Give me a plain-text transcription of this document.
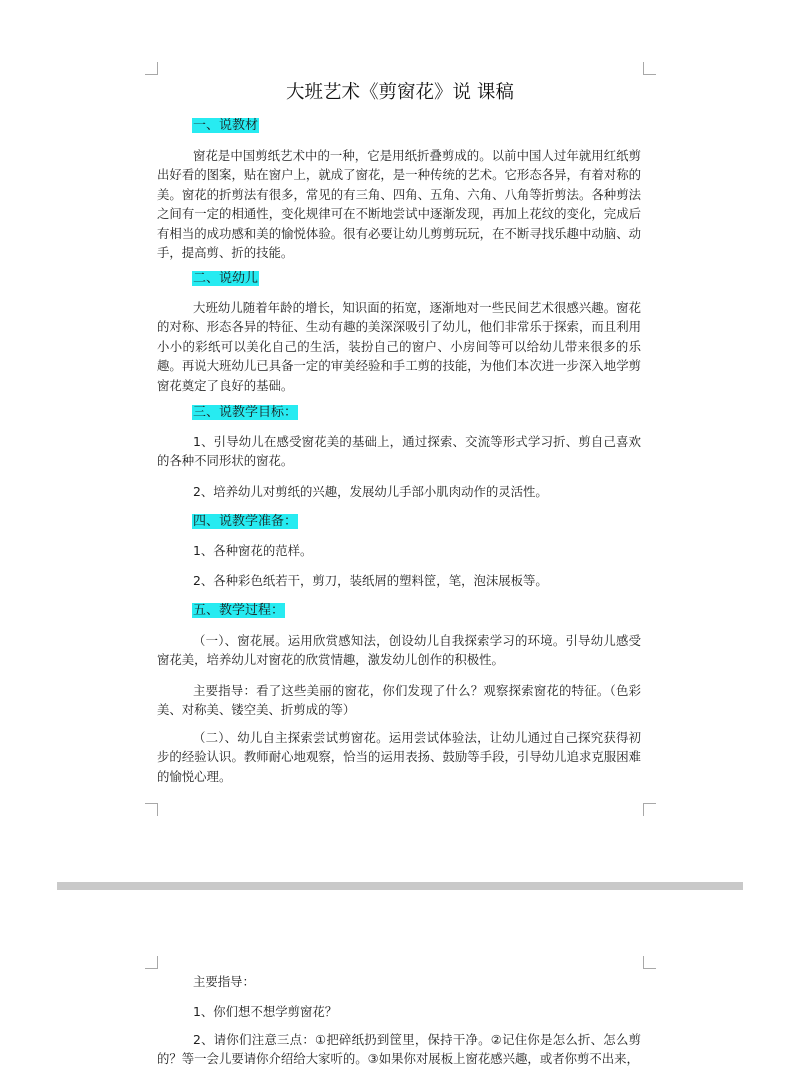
大班艺术《剪窗花》说 课稿
一、说教材

窗花是中国剪纸艺术中的一种，它是用纸折叠剪成的。以前中国人过年就用红纸剪出好看的图案，贴在窗户上，就成了窗花，是一种传统的艺术。它形态各异，有着对称的美。窗花的折剪法有很多，常见的有三角、四角、五角、六角、八角等折剪法。各种剪法之间有一定的相通性，变化规律可在不断地尝试中逐渐发现，再加上花纹的变化，完成后有相当的成功感和美的愉悦体验。很有必要让幼儿剪剪玩玩，在不断寻找乐趣中动脑、动手，提高剪、折的技能。

二、说幼儿

大班幼儿随着年龄的增长，知识面的拓宽，逐渐地对一些民间艺术很感兴趣。窗花的对称、形态各异的特征、生动有趣的美深深吸引了幼儿，他们非常乐于探索，而且利用小小的彩纸可以美化自己的生活，装扮自己的窗户、小房间等可以给幼儿带来很多的乐趣。再说大班幼儿已具备一定的审美经验和手工剪的技能，为他们本次进一步深入地学剪窗花奠定了良好的基础。

三、说教学目标：

1、引导幼儿在感受窗花美的基础上，通过探索、交流等形式学习折、剪自己喜欢的各种不同形状的窗花。

2、培养幼儿对剪纸的兴趣，发展幼儿手部小肌肉动作的灵活性。

四、说教学准备：

1、各种窗花的范样。

2、各种彩色纸若干，剪刀，装纸屑的塑料筐，笔，泡沫展板等。

五、教学过程：

（一）、窗花展。运用欣赏感知法，创设幼儿自我探索学习的环境。引导幼儿感受窗花美，培养幼儿对窗花的欣赏情趣，激发幼儿创作的积极性。

主要指导：看了这些美丽的窗花，你们发现了什么？观察探索窗花的特征。（色彩美、对称美、镂空美、折剪成的等）

（二）、幼儿自主探索尝试剪窗花。运用尝试体验法，让幼儿通过自己探究获得初步的经验认识。教师耐心地观察，恰当的运用表扬、鼓励等手段，引导幼儿追求克服困难的愉悦心理。

主要指导：

1、你们想不想学剪窗花？

2、请你们注意三点：①把碎纸扔到筐里，保持干净。②记住你是怎么折、怎么剪的？等一会儿要请你介绍给大家听的。③如果你对展板上窗花感兴趣，或者你剪不出来，
